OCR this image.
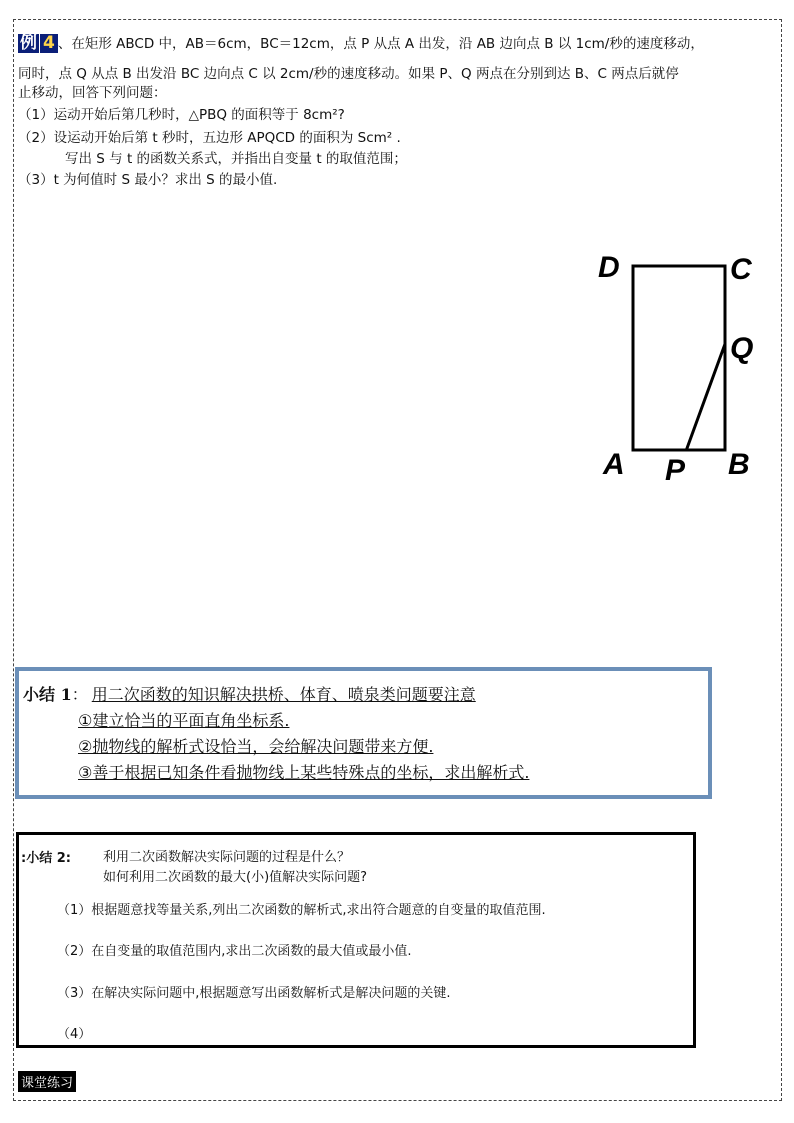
例 4 、在矩形 ABCD 中，AB＝6cm，BC＝12cm，点 P 从点 A 出发，沿 AB 边向点 B 以 1cm/秒的速度移动，
同时，点 Q 从点 B 出发沿 BC 边向点 C 以 2cm/秒的速度移动。如果 P、Q 两点在分别到达 B、C 两点后就停
止移动，回答下列问题：
（1）运动开始后第几秒时，△PBQ 的面积等于 8cm²?
（2）设运动开始后第 t 秒时，五边形 APQCD 的面积为 Scm² .
写出 S 与 t 的函数关系式，并指出自变量 t 的取值范围；
（3）t 为何值时 S 最小？求出 S 的最小值.
D	C
Q
A P B
小结 1： 用二次函数的知识解决拱桥、体育、喷泉类问题要注意
①建立恰当的平面直角坐标系.
②抛物线的解析式设恰当，会给解决问题带来方便.
③善于根据已知条件看抛物线上某些特殊点的坐标，求出解析式.
:小结 2: 利用二次函数解决实际问题的过程是什么？
如何利用二次函数的最大(小)值解决实际问题?
（1）根据题意找等量关系,列出二次函数的解析式,求出符合题意的自变量的取值范围.
（2）在自变量的取值范围内,求出二次函数的最大值或最小值.
（3）在解决实际问题中,根据题意写出函数解析式是解决问题的关键.
（4）
课堂练习
